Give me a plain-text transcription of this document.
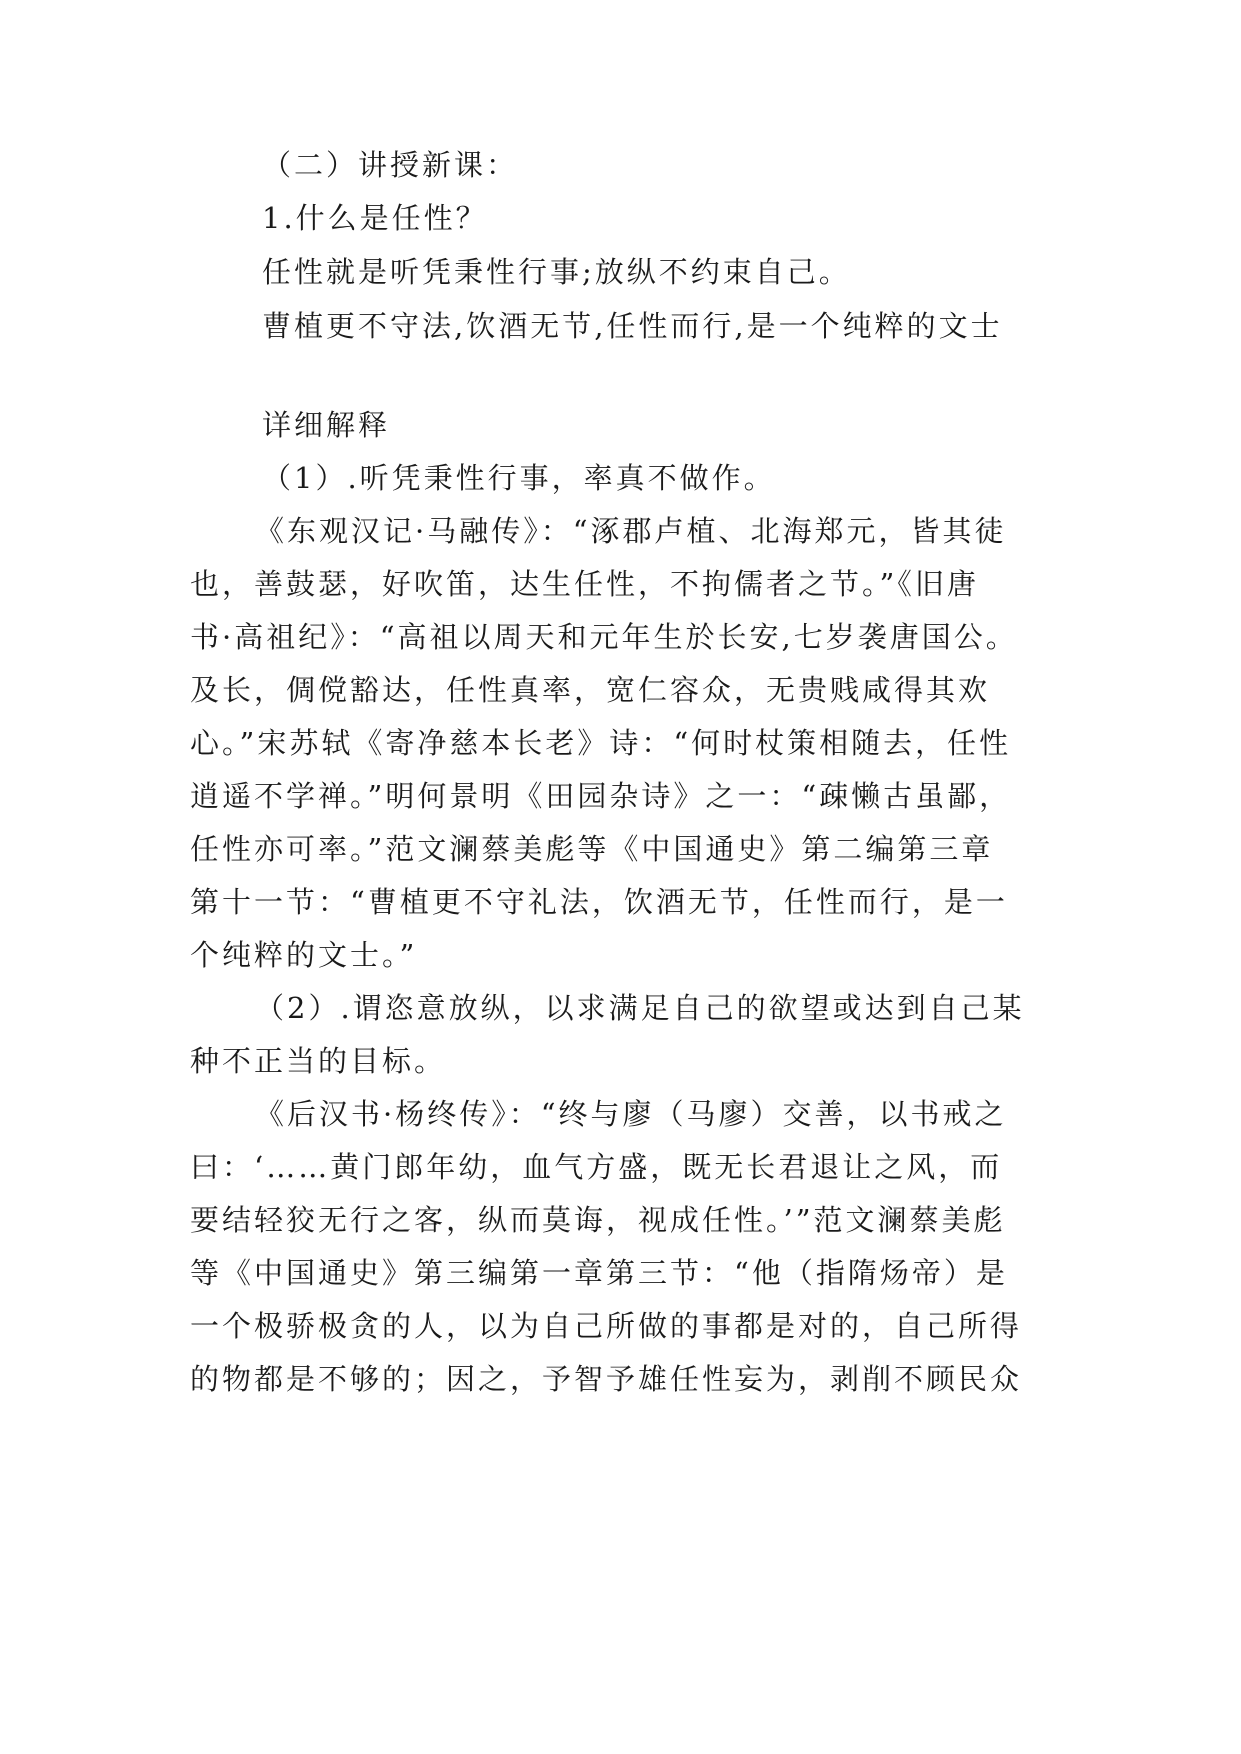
（二）讲授新课：
1.什么是任性？
任性就是听凭秉性行事;放纵不约束自己。
曹植更不守法,饮酒无节,任性而行,是一个纯粹的文士
详细解释
（1）.听凭秉性行事，率真不做作。
《东观汉记·马融传》：“涿郡卢植、北海郑元，皆其徒
也，善鼓瑟，好吹笛，达生任性，不拘儒者之节。”《旧唐
书·高祖纪》：“高祖以周天和元年生於长安,七岁袭唐国公。
及长，倜傥豁达，任性真率，宽仁容众，无贵贱咸得其欢
心。”宋苏轼《寄净慈本长老》诗：“何时杖策相随去，任性
逍遥不学禅。”明何景明《田园杂诗》之一：“疎懒古虽鄙，
任性亦可率。”范文澜蔡美彪等《中国通史》第二编第三章
第十一节：“曹植更不守礼法，饮酒无节，任性而行，是一
个纯粹的文士。”
（2）.谓恣意放纵，以求满足自己的欲望或达到自己某
种不正当的目标。
《后汉书·杨终传》：“终与廖（马廖）交善，以书戒之
曰：‘……黄门郎年幼，血气方盛，既无长君退让之风，而
要结轻狡无行之客，纵而莫诲，视成任性。’”范文澜蔡美彪
等《中国通史》第三编第一章第三节：“他（指隋炀帝）是
一个极骄极贪的人，以为自己所做的事都是对的，自己所得
的物都是不够的；因之，予智予雄任性妄为，剥削不顾民众
